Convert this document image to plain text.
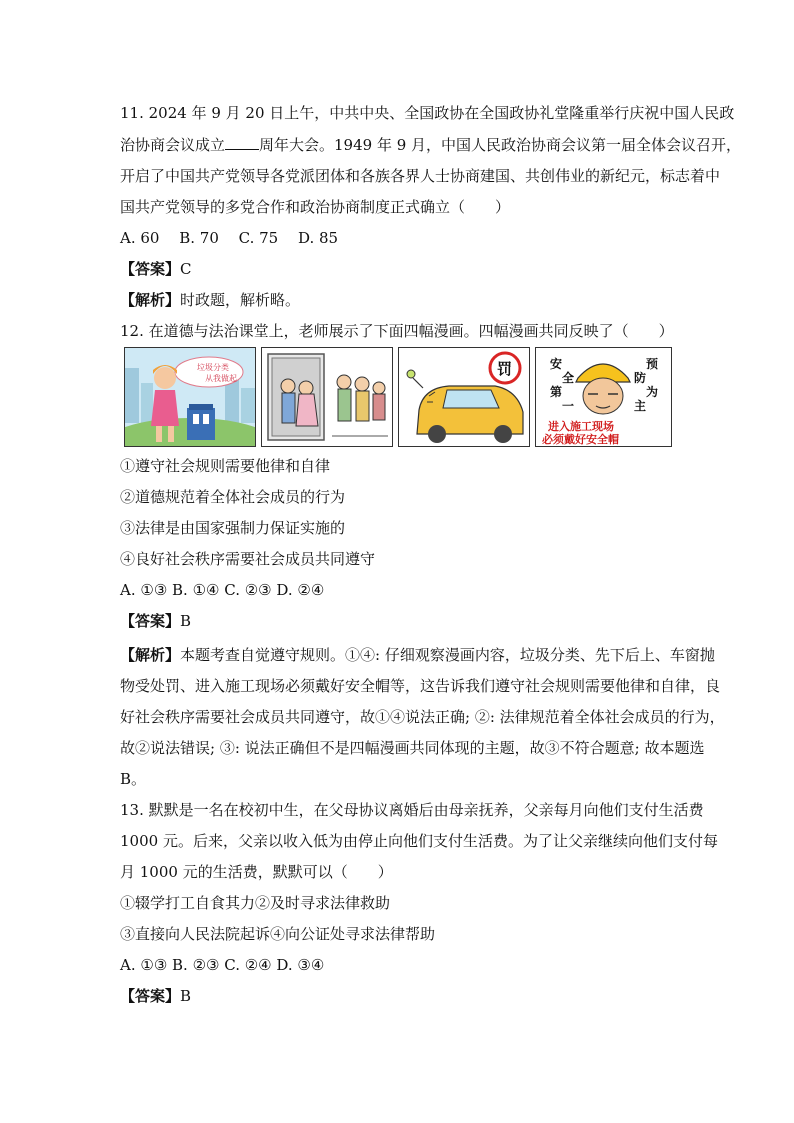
11. 2024 年 9 月 20 日上午，中共中央、全国政协在全国政协礼堂隆重举行庆祝中国人民政
治协商会议成立 周年大会。1949 年 9 月，中国人民政治协商会议第一届全体会议召开，
开启了中国共产党领导各党派团体和各族各界人士协商建国、共创伟业的新纪元，标志着中
国共产党领导的多党合作和政治协商制度正式确立（　　）
A. 60　 B. 70　 C. 75　 D. 85
【答案】C
【解析】时政题，解析略。
12. 在道德与法治课堂上，老师展示了下面四幅漫画。四幅漫画共同反映了（　　）
垃圾分类
从我做起
罚	安
全
第
一
预
防
为
主
进入施工现场
必须戴好安全帽
①遵守社会规则需要他律和自律
②道德规范着全体社会成员的行为
③法律是由国家强制力保证实施的
④良好社会秩序需要社会成员共同遵守
A. ①③ B. ①④ C. ②③ D. ②④
【答案】B
【解析】本题考查自觉遵守规则。①④: 仔细观察漫画内容，垃圾分类、先下后上、车窗抛
物受处罚、进入施工现场必须戴好安全帽等，这告诉我们遵守社会规则需要他律和自律，良
好社会秩序需要社会成员共同遵守，故①④说法正确; ②: 法律规范着全体社会成员的行为，
故②说法错误; ③: 说法正确但不是四幅漫画共同体现的主题，故③不符合题意; 故本题选
B。
13. 默默是一名在校初中生，在父母协议离婚后由母亲抚养，父亲每月向他们支付生活费
1000 元。后来，父亲以收入低为由停止向他们支付生活费。为了让父亲继续向他们支付每
月 1000 元的生活费，默默可以（　　）
①辍学打工自食其力②及时寻求法律救助
③直接向人民法院起诉④向公证处寻求法律帮助
A. ①③ B. ②③ C. ②④ D. ③④
【答案】B
